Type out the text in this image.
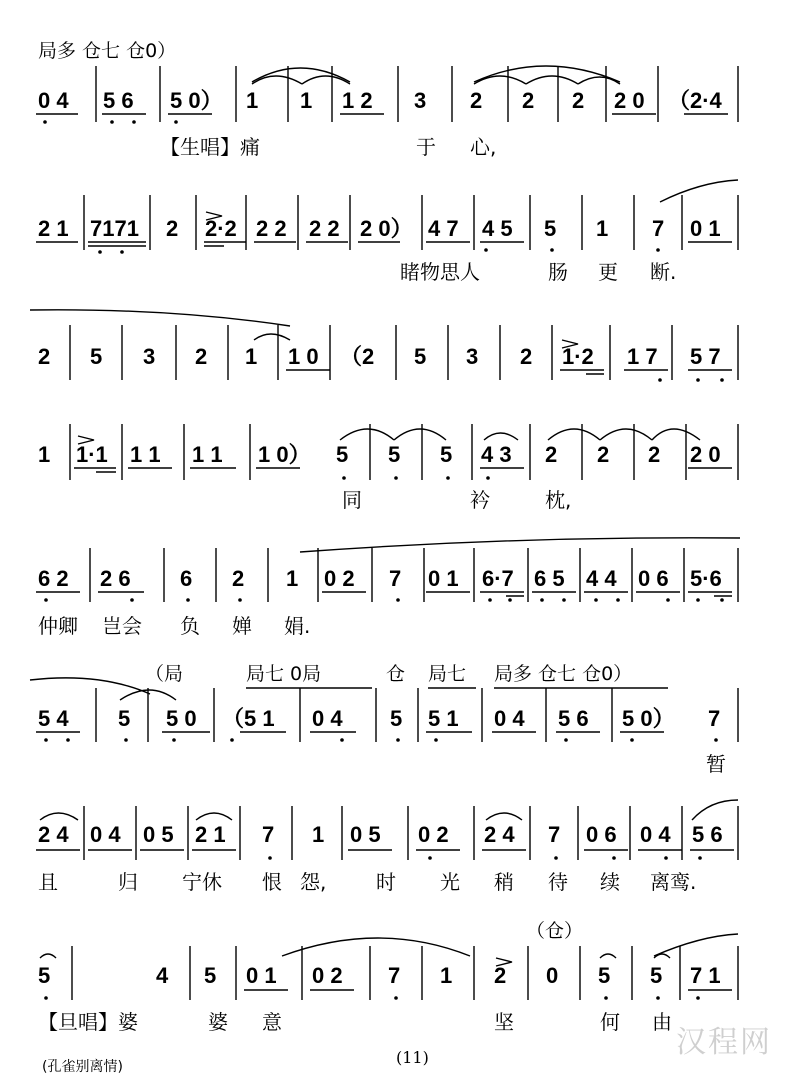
局多 仓七 仓0）
0 4 5 6 5 0） 1 1 1 2 3 2 2 2 2 0 （2·4
【生唱】痛	于 心,
2 1 7171 2 2·2 2 2 2 2 2 0） 4 7 4 5 5 1 7 0 1
睹物思人	肠 更 断.
2 5 3 2 1 1 0 （2 5 3 2 1·2 1 7 5 7
1 1·1 1 1 1 1 1 0） 5 5 5 4 3 2 2 2 2 0
同	衿	枕,
6 2 2 6 6 2 1 0 2 7 0 1 6·7 6 5 4 4 0 6 5·6
仲卿 岂会 负 婵 娟.
（局	局七 0局	仓 局七 局多 仓七 仓0）
5 4 5 5 0 （5 1 0 4 5 5 1 0 4 5 6 5 0） 7
暂
2 4 0 4 0 5 2 1 7 1 0 5 0 2 2 4 7 0 6 0 4 5 6
且	归 宁休 恨 怨, 时 光 稍 待 续 离鸾.
（仓）
5	4 5 0 1 0 2 7 1 2 0 5 5 7 1
【旦唱】婆	婆 意	坚	何 由
(孔雀别离情)	(11)	汉程网
